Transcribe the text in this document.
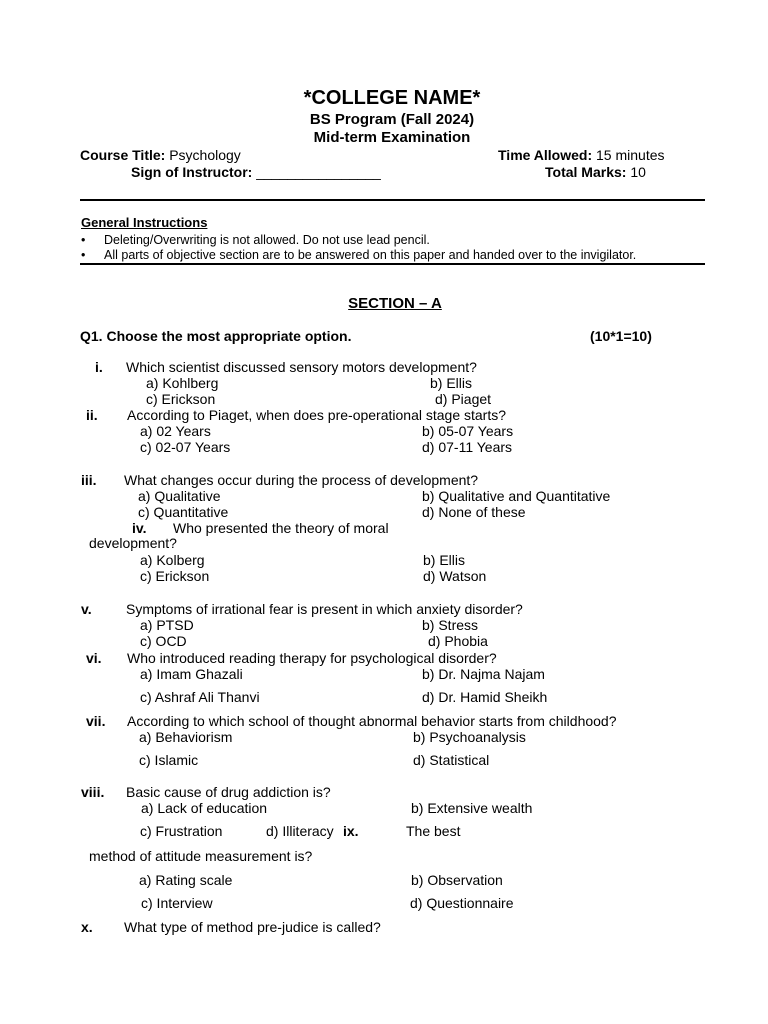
*COLLEGE NAME*
BS Program (Fall 2024)
Mid-term Examination
Course Title: Psychology	Time Allowed: 15 minutes
Sign of Instructor: ________________	Total Marks: 10
General Instructions
• Deleting/Overwriting is not allowed. Do not use lead pencil.
• All parts of objective section are to be answered on this paper and handed over to the invigilator.
SECTION – A
Q1. Choose the most appropriate option.	(10*1=10)
i. Which scientist discussed sensory motors development?
a) Kohlberg	b) Ellis
c) Erickson	d) Piaget
ii. According to Piaget, when does pre-operational stage starts?
a) 02 Years	b) 05-07 Years
c) 02-07 Years	d) 07-11 Years
iii. What changes occur during the process of development?
a) Qualitative	b) Qualitative and Quantitative
c) Quantitative	d) None of these
iv. Who presented the theory of moral
development?
a) Kolberg	b) Ellis
c) Erickson	d) Watson
v. Symptoms of irrational fear is present in which anxiety disorder?
a) PTSD	b) Stress
c) OCD	d) Phobia
vi. Who introduced reading therapy for psychological disorder?
a) Imam Ghazali	b) Dr. Najma Najam
c) Ashraf Ali Thanvi	d) Dr. Hamid Sheikh
vii. According to which school of thought abnormal behavior starts from childhood?
a) Behaviorism	b) Psychoanalysis
c) Islamic	d) Statistical
viii. Basic cause of drug addiction is?
a) Lack of education	b) Extensive wealth
c) Frustration	d) Illiteracy ix.	The best
method of attitude measurement is?
a) Rating scale	b) Observation
c) Interview	d) Questionnaire
x. What type of method pre-judice is called?
